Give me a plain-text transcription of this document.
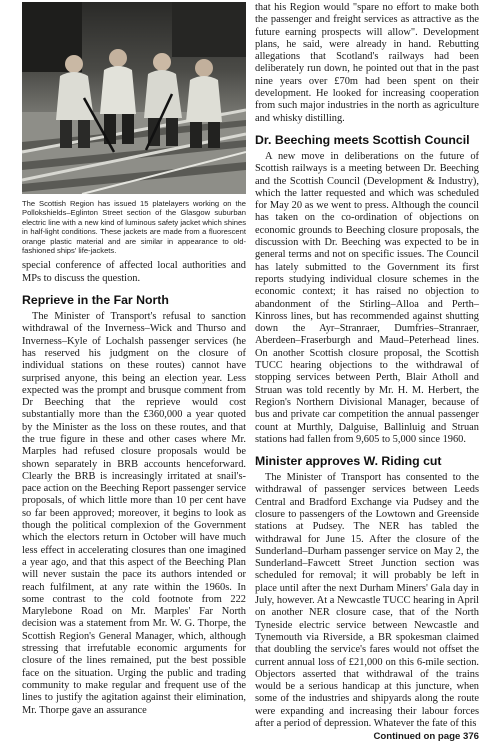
The Scottish Region has issued 15 platelayers working on the Pollokshields–Eglinton Street section of the Glasgow suburban electric line with a new kind of luminous safety jacket which shines in half-light conditions. These jackets are made from a fluorescent orange plastic material and are similar in appearance to old-fashioned ships' life-jackets.

special conference of affected local authorities and MPs to discuss the question.

Reprieve in the Far North

The Minister of Transport's refusal to sanction withdrawal of the Inverness–Wick and Thurso and Inverness–Kyle of Lochalsh passenger services (he has reserved his judgment on the closure of individual stations on these routes) cannot have surprised anyone, this being an election year. Less expected was the prompt and brusque comment from Dr Beeching that the reprieve would cost substantially more than the £360,000 a year quoted by the Minister as the loss on these routes, and that the true figure in these and other cases where Mr. Marples had refused closure proposals would be shown separately in BRB accounts henceforward. Clearly the BRB is increasingly irritated at snail's-pace action on the Beeching Report passenger service proposals, of which little more than 10 per cent have so far been approved; moreover, it begins to look as though the political complexion of the Government which the electors return in October will have much less effect in accelerating closures than one imagined a year ago, and that this aspect of the Beeching Plan will never sustain the pace its authors intended or reach fulfilment, at any rate within the 1960s. In some contrast to the cold footnote from 222 Marylebone Road on Mr. Marples' Far North decision was a statement from Mr. W. G. Thorpe, the Scottish Region's General Manager, which, although stressing that irrefutable economic arguments for closure of the lines remained, put the best possible face on the situation. Urging the public and trading community to make regular and frequent use of the lines to justify the agitation against their elimination, Mr. Thorpe gave an assurance

that his Region would "spare no effort to make both the passenger and freight services as attractive as the future earning prospects will allow". Development plans, he said, were already in hand. Rebutting allegations that Scotland's railways had been deliberately run down, he pointed out that in the past nine years over £70m had been spent on their development. He looked for increasing cooperation from such major industries in the north as agriculture and whisky distilling.

Dr. Beeching meets Scottish Council

A new move in deliberations on the future of Scottish railways is a meeting between Dr. Beeching and the Scottish Council (Development & Industry), which the latter requested and which was scheduled for May 20 as we went to press. Although the council has taken on the co-ordination of objections on economic grounds to Beeching closure proposals, the discussion with Dr. Beeching was expected to be in general terms and not on specific issues. The Council has lately submitted to the Government its first reports studying individual closure schemes in the economic context; it has raised no objection to abandonment of the Stirling–Alloa and Perth–Kinross lines, but has recommended against shutting down the Ayr–Stranraer, Dumfries–Stranraer, Aberdeen–Fraserburgh and Maud–Peterhead lines. On another Scottish closure proposal, the Scottish TUCC hearing objections to the withdrawal of stopping services between Perth, Blair Atholl and Struan was told recently by Mr. H. M. Herbert, the Region's Northern Divisional Manager, because of bus and private car competition the annual passenger count at Murthly, Dalguise, Ballinluig and Struan stations had fallen from 9,605 to 5,000 since 1960.

Minister approves W. Riding cut

The Minister of Transport has consented to the withdrawal of passenger services between Leeds Central and Bradford Exchange via Pudsey and the closure to passengers of the Lowtown and Greenside stations at Pudsey. The NER has tabled the withdrawal for June 15. After the closure of the Sunderland–Durham passenger service on May 2, the Sunderland–Fawcett Street Junction section was scheduled for removal; it will probably be left in place until after the next Durham Miners' Gala day in July, however. At a Newcastle TUCC hearing in April on another NER closure case, that of the North Tyneside electric service between Newcastle and Tynemouth via Riverside, a BR spokesman claimed that doubling the service's fares would not offset the current annual loss of £21,000 on this 6-mile section. Objectors asserted that withdrawal of the trains would be a serious handicap at this juncture, when some of the industries and shipyards along the route were expanding and increasing their labour forces after a period of depression. Whatever the fate of this

Continued on page 376
